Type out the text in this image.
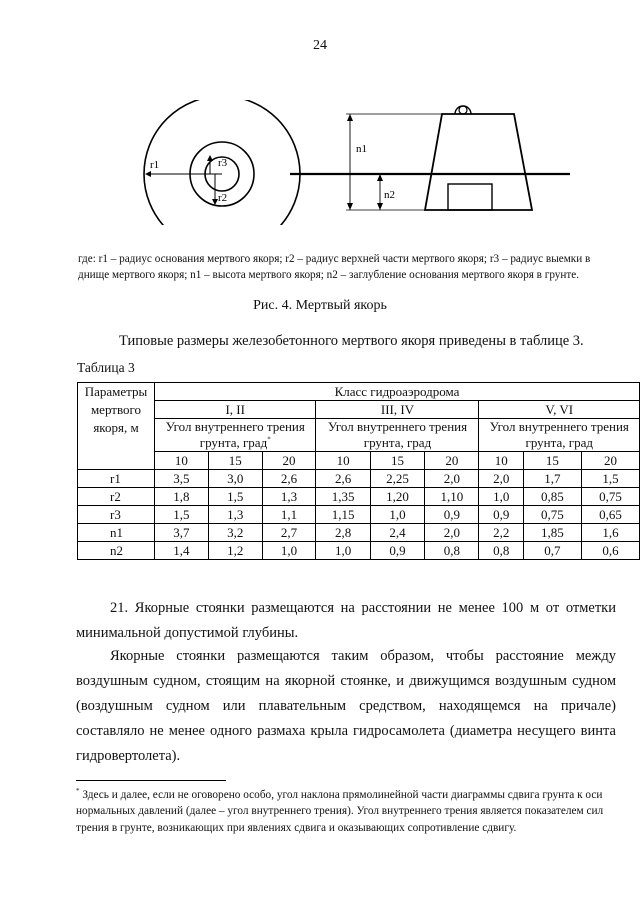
24
r1	r3
r2
n1
n2
где: r1 – радиус основания мертвого якоря; r2 – радиус верхней части мертвого якоря; r3 – радиус выемки в днище мертвого якоря; n1 – высота мертвого якоря; n2 – заглубление основания мертвого якоря в грунте.
Рис. 4. Мертвый якорь
Типовые размеры железобетонного мертвого якоря приведены в таблице 3.
Таблица 3
Параметры мертвого якоря, м	Класс гидроаэродрома								
	I, II			III, IV			V, VI		
	Угол внутреннего трения грунта, град*			Угол внутреннего трения грунта, град			Угол внутреннего трения грунта, град		
	10	15	20	10	15	20	10	15	20
r1	3,5	3,0	2,6	2,6	2,25	2,0	2,0	1,7	1,5
r2	1,8	1,5	1,3	1,35	1,20	1,10	1,0	0,85	0,75
r3	1,5	1,3	1,1	1,15	1,0	0,9	0,9	0,75	0,65
n1	3,7	3,2	2,7	2,8	2,4	2,0	2,2	1,85	1,6
n2	1,4	1,2	1,0	1,0	0,9	0,8	0,8	0,7	0,6
21. Якорные стоянки размещаются на расстоянии не менее 100 м от отметки минимальной допустимой глубины.
Якорные стоянки размещаются таким образом, чтобы расстояние между воздушным судном, стоящим на якорной стоянке, и движущимся воздушным судном (воздушным судном или плавательным средством, находящемся на причале) составляло не менее одного размаха крыла гидросамолета (диаметра несущего винта гидровертолета).
* Здесь и далее, если не оговорено особо, угол наклона прямолинейной части диаграммы сдвига грунта к оси нормальных давлений (далее – угол внутреннего трения). Угол внутреннего трения является показателем сил трения в грунте, возникающих при явлениях сдвига и оказывающих сопротивление сдвигу.
